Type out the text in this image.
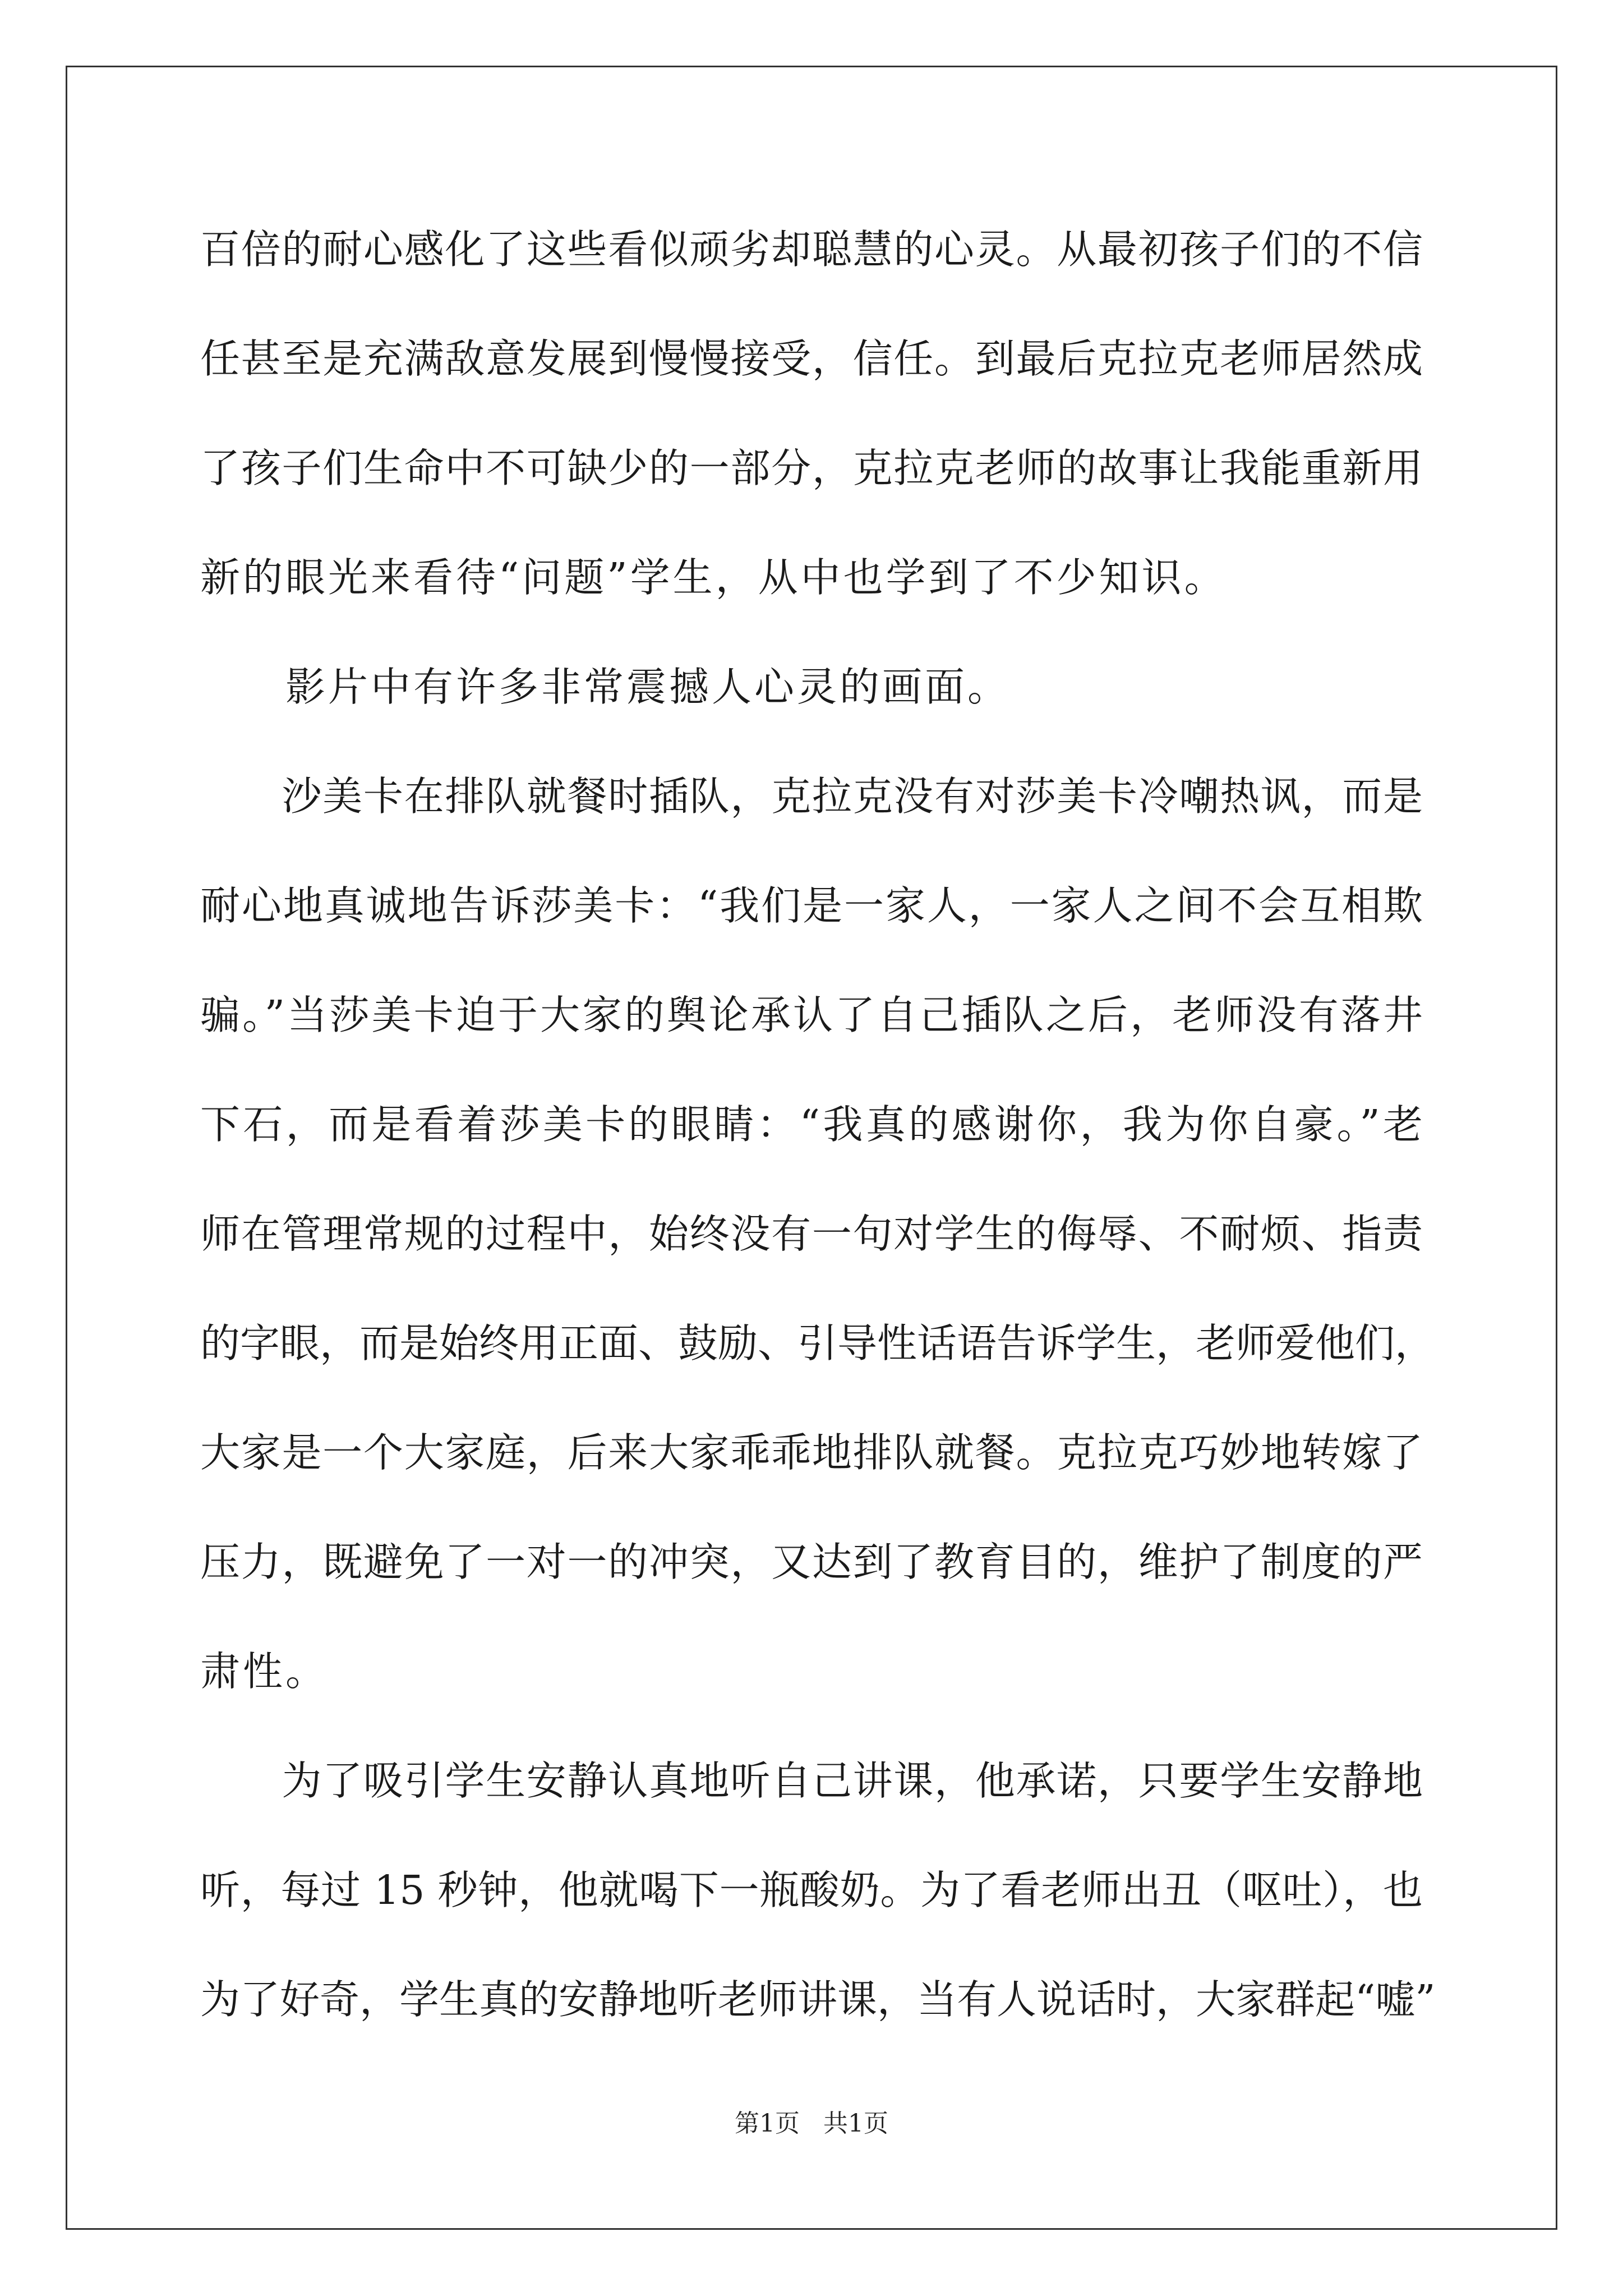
百倍的耐心感化了这些看似顽劣却聪慧的心灵。从最初孩子们的不信

任甚至是充满敌意发展到慢慢接受，信任。到最后克拉克老师居然成

了孩子们生命中不可缺少的一部分，克拉克老师的故事让我能重新用

新的眼光来看待“问题”学生，从中也学到了不少知识。

　　影片中有许多非常震撼人心灵的画面。

　　沙美卡在排队就餐时插队，克拉克没有对莎美卡冷嘲热讽，而是

耐心地真诚地告诉莎美卡：“我们是一家人，一家人之间不会互相欺

骗。”当莎美卡迫于大家的舆论承认了自己插队之后，老师没有落井

下石，而是看着莎美卡的眼睛：“我真的感谢你，我为你自豪。”老

师在管理常规的过程中，始终没有一句对学生的侮辱、不耐烦、指责

的字眼，而是始终用正面、鼓励、引导性话语告诉学生，老师爱他们，

大家是一个大家庭，后来大家乖乖地排队就餐。克拉克巧妙地转嫁了

压力，既避免了一对一的冲突，又达到了教育目的，维护了制度的严

肃性。

　　为了吸引学生安静认真地听自己讲课，他承诺，只要学生安静地

听，每过 15 秒钟，他就喝下一瓶酸奶。为了看老师出丑（呕吐），也

为了好奇，学生真的安静地听老师讲课，当有人说话时，大家群起“嘘”

第1页   共1页
